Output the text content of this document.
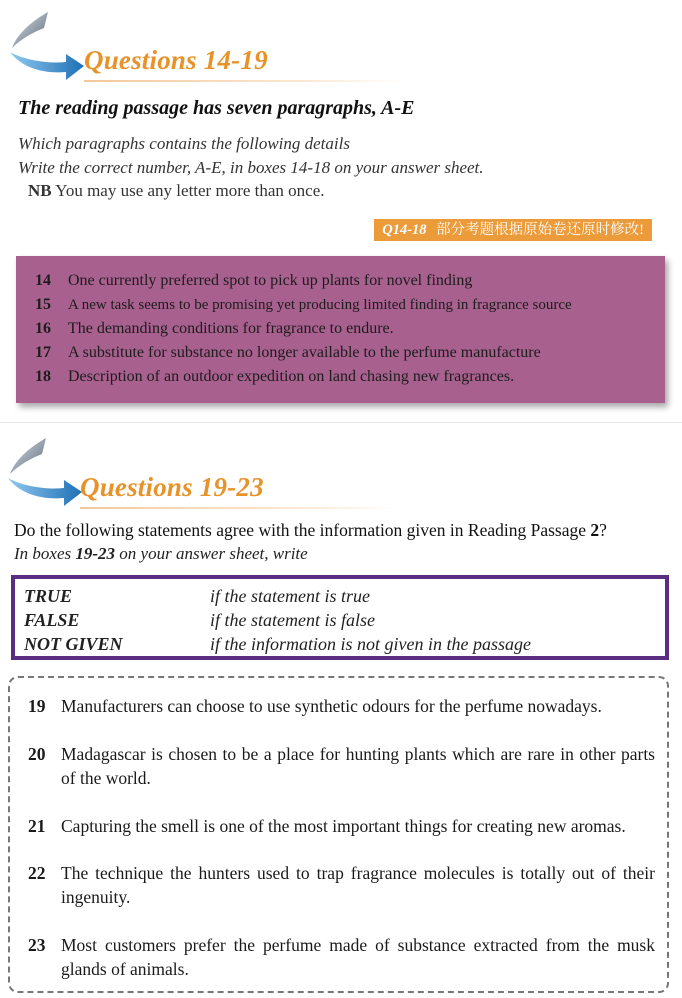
Questions 14-19
The reading passage has seven paragraphs, A-E
Which paragraphs contains the following details
Write the correct number, A-E, in boxes 14-18 on your answer sheet.
NB You may use any letter more than once.
Q14-18 部分考题根据原始卷还原时修改!
14	One currently preferred spot to pick up plants for novel finding
15	A new task seems to be promising yet producing limited finding in fragrance source
16	The demanding conditions for fragrance to endure.
17	A substitute for substance no longer available to the perfume manufacture
18	Description of an outdoor expedition on land chasing new fragrances.
Questions 19-23
Do the following statements agree with the information given in Reading Passage 2?
In boxes 19-23 on your answer sheet, write
TRUE	if the statement is true
FALSE	if the statement is false
NOT GIVEN	if the information is not given in the passage
19 Manufacturers can choose to use synthetic odours for the perfume nowadays.
20 Madagascar is chosen to be a place for hunting plants which are rare in other parts of the world.
21 Capturing the smell is one of the most important things for creating new aromas.
22 The technique the hunters used to trap fragrance molecules is totally out of their ingenuity.
23 Most customers prefer the perfume made of substance extracted from the musk glands of animals.
